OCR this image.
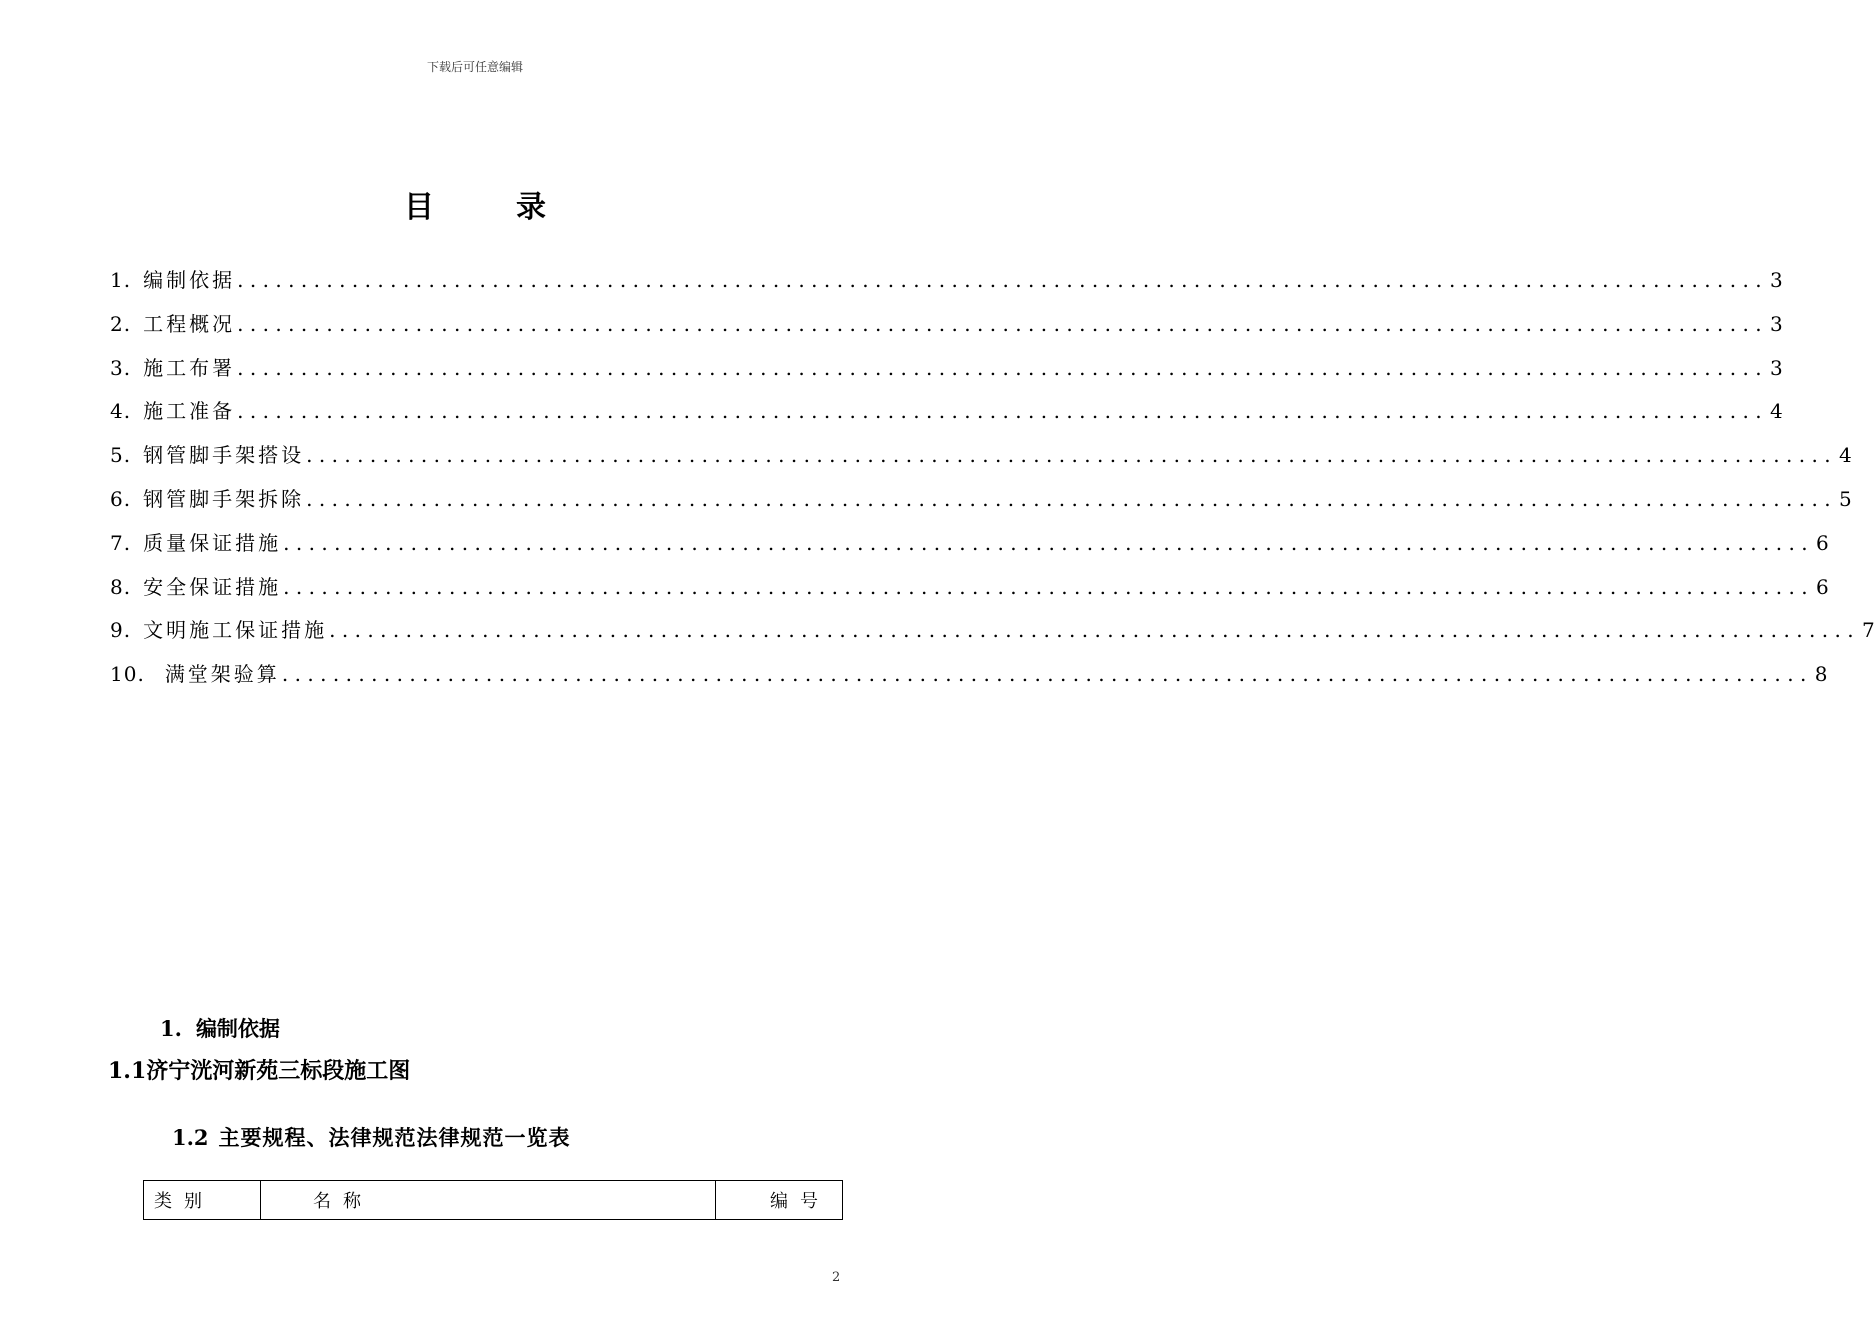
下载后可任意编辑
目	录
1. 编制依据 ........................................................................................................................ 3
2. 工程概况 ........................................................................................................................ 3
3. 施工布署 ........................................................................................................................ 3
4. 施工准备 ........................................................................................................................ 4
5. 钢管脚手架搭设 ........................................................................................................................ 4
6. 钢管脚手架拆除 ........................................................................................................................ 5
7. 质量保证措施 ........................................................................................................................ 6
8. 安全保证措施 ........................................................................................................................ 6
9. 文明施工保证措施 ........................................................................................................................ 7
10. 满堂架验算 ........................................................................................................................ 8
1. 编制依据
1.1济宁洸河新苑三标段施工图
1.2 主要规程、法律规范法律规范一览表
类别	名称	编号
2
